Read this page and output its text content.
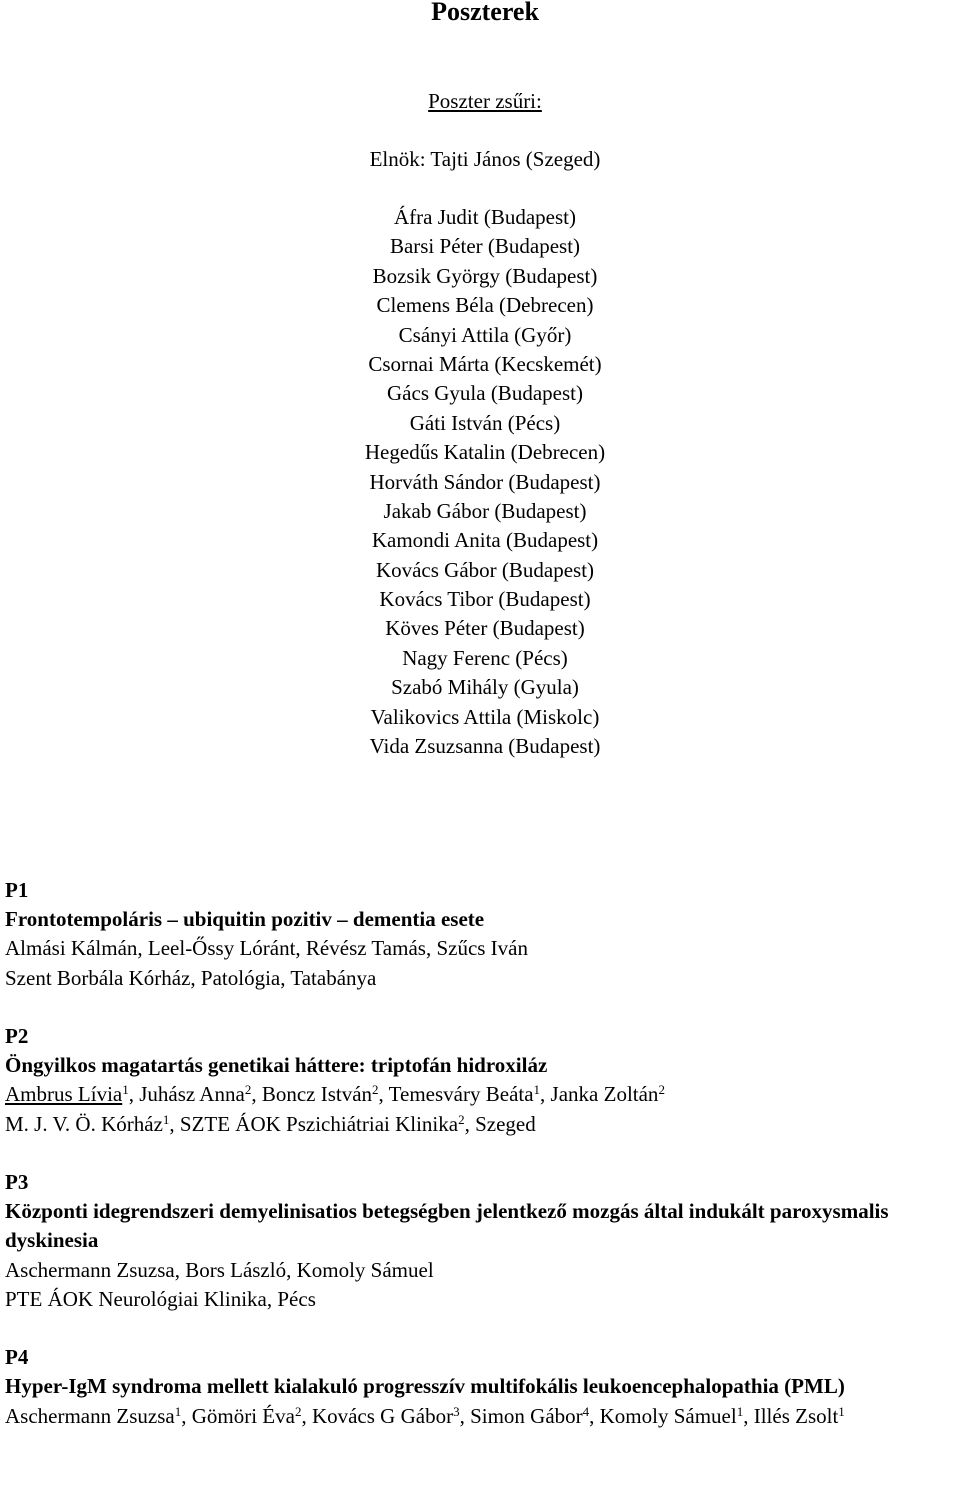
Poszterek
Poszter zsűri:
Elnök: Tajti János (Szeged)
Áfra Judit (Budapest)
Barsi Péter (Budapest)
Bozsik György (Budapest)
Clemens Béla (Debrecen)
Csányi Attila (Győr)
Csornai Márta (Kecskemét)
Gács Gyula (Budapest)
Gáti István (Pécs)
Hegedűs Katalin (Debrecen)
Horváth Sándor (Budapest)
Jakab Gábor (Budapest)
Kamondi Anita (Budapest)
Kovács Gábor (Budapest)
Kovács Tibor (Budapest)
Köves Péter (Budapest)
Nagy Ferenc (Pécs)
Szabó Mihály (Gyula)
Valikovics Attila (Miskolc)
Vida Zsuzsanna (Budapest)
P1
Frontotempoláris – ubiquitin pozitiv – dementia esete
Almási Kálmán, Leel-Őssy Lóránt, Révész Tamás, Szűcs Iván
Szent Borbála Kórház, Patológia, Tatabánya
P2
Öngyilkos magatartás genetikai háttere: triptofán hidroxiláz
Ambrus Lívia$^1$, Juhász Anna$^2$, Boncz István$^2$, Temesváry Beáta$^1$, Janka Zoltán$^2$
M. J. V. Ö. Kórház$^1$, SZTE ÁOK Pszichiátriai Klinika$^2$, Szeged
P3
Központi idegrendszeri demyelinisatios betegségben jelentkező mozgás által indukált paroxysmalis dyskinesia
Aschermann Zsuzsa, Bors László, Komoly Sámuel
PTE ÁOK Neurológiai Klinika, Pécs
P4
Hyper-IgM syndroma mellett kialakuló progresszív multifokális leukoencephalopathia (PML)
Aschermann Zsuzsa$^1$, Gömöri Éva$^2$, Kovács G Gábor$^3$, Simon Gábor$^4$, Komoly Sámuel$^1$, Illés Zsolt$^1$
